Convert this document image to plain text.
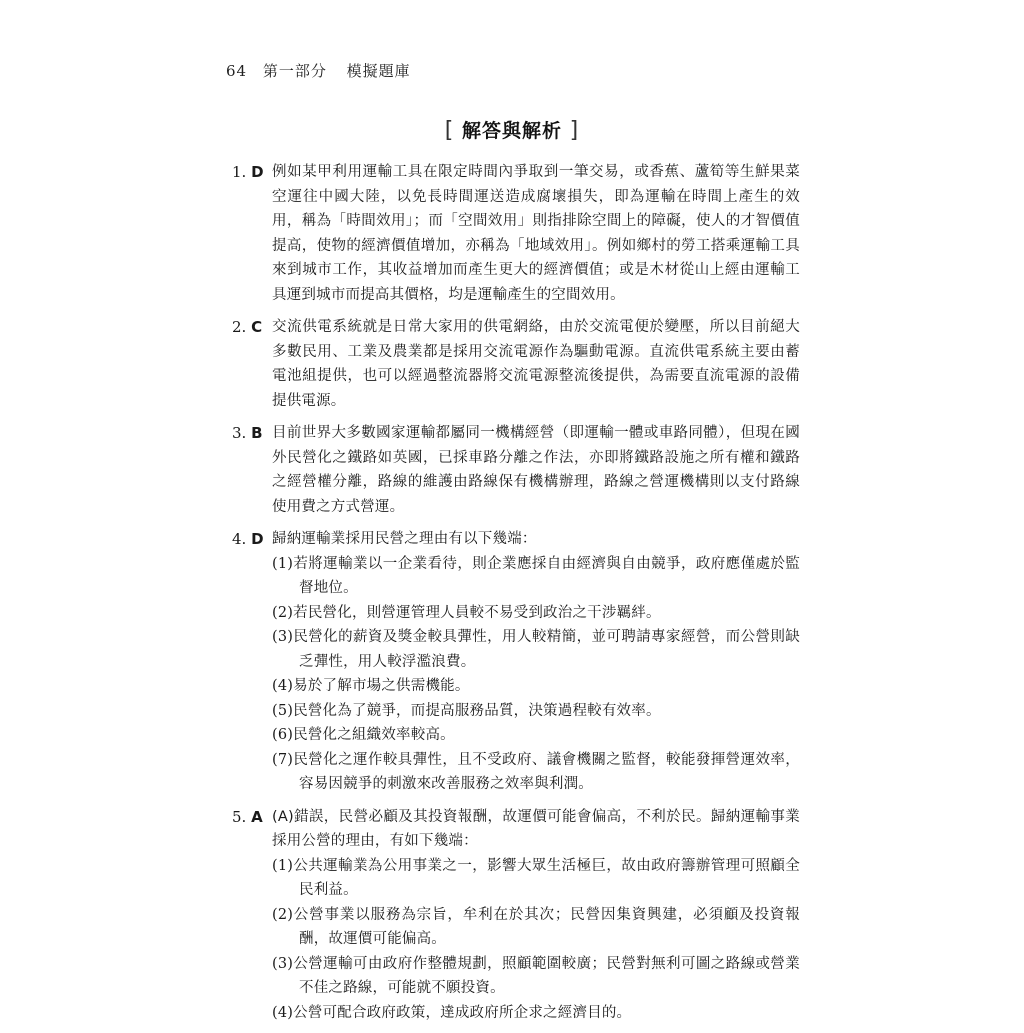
64 第一部分 模擬題庫
[ 解答與解析 ]
1. D 例如某甲利用運輸工具在限定時間內爭取到一筆交易，或香蕉、蘆筍等生鮮果菜空運往中國大陸，以免長時間運送造成腐壞損失，即為運輸在時間上產生的效用，稱為「時間效用」；而「空間效用」則指排除空間上的障礙，使人的才智價值提高，使物的經濟價值增加，亦稱為「地域效用」。例如鄉村的勞工搭乘運輸工具來到城市工作，其收益增加而產生更大的經濟價值；或是木材從山上經由運輸工具運到城市而提高其價格，均是運輸產生的空間效用。
2. C 交流供電系統就是日常大家用的供電網絡，由於交流電便於變壓，所以目前絕大多數民用、工業及農業都是採用交流電源作為驅動電源。直流供電系統主要由蓄電池組提供，也可以經過整流器將交流電源整流後提供，為需要直流電源的設備提供電源。
3. B 目前世界大多數國家運輸都屬同一機構經營（即運輸一體或車路同體），但現在國外民營化之鐵路如英國，已採車路分離之作法，亦即將鐵路設施之所有權和鐵路之經營權分離，路線的維護由路線保有機構辦理，路線之營運機構則以支付路線使用費之方式營運。
4. D 歸納運輸業採用民營之理由有以下幾端：
(1)若將運輸業以一企業看待，則企業應採自由經濟與自由競爭，政府應僅處於監督地位。
(2)若民營化，則營運管理人員較不易受到政治之干涉羈絆。
(3)民營化的薪資及獎金較具彈性，用人較精簡，並可聘請專家經營，而公營則缺乏彈性，用人較浮濫浪費。
(4)易於了解市場之供需機能。
(5)民營化為了競爭，而提高服務品質，決策過程較有效率。
(6)民營化之組織效率較高。
(7)民營化之運作較具彈性，且不受政府、議會機關之監督，較能發揮營運效率，容易因競爭的刺激來改善服務之效率與利潤。
5. A (A)錯誤，民營必顧及其投資報酬，故運價可能會偏高，不利於民。歸納運輸事業採用公營的理由，有如下幾端：
(1)公共運輸業為公用事業之一，影響大眾生活極巨，故由政府籌辦管理可照顧全民利益。
(2)公營事業以服務為宗旨，牟利在於其次；民營因集資興建，必須顧及投資報酬，故運價可能偏高。
(3)公營運輸可由政府作整體規劃，照顧範圍較廣；民營對無利可圖之路線或營業不佳之路線，可能就不願投資。
(4)公營可配合政府政策，達成政府所企求之經濟目的。
